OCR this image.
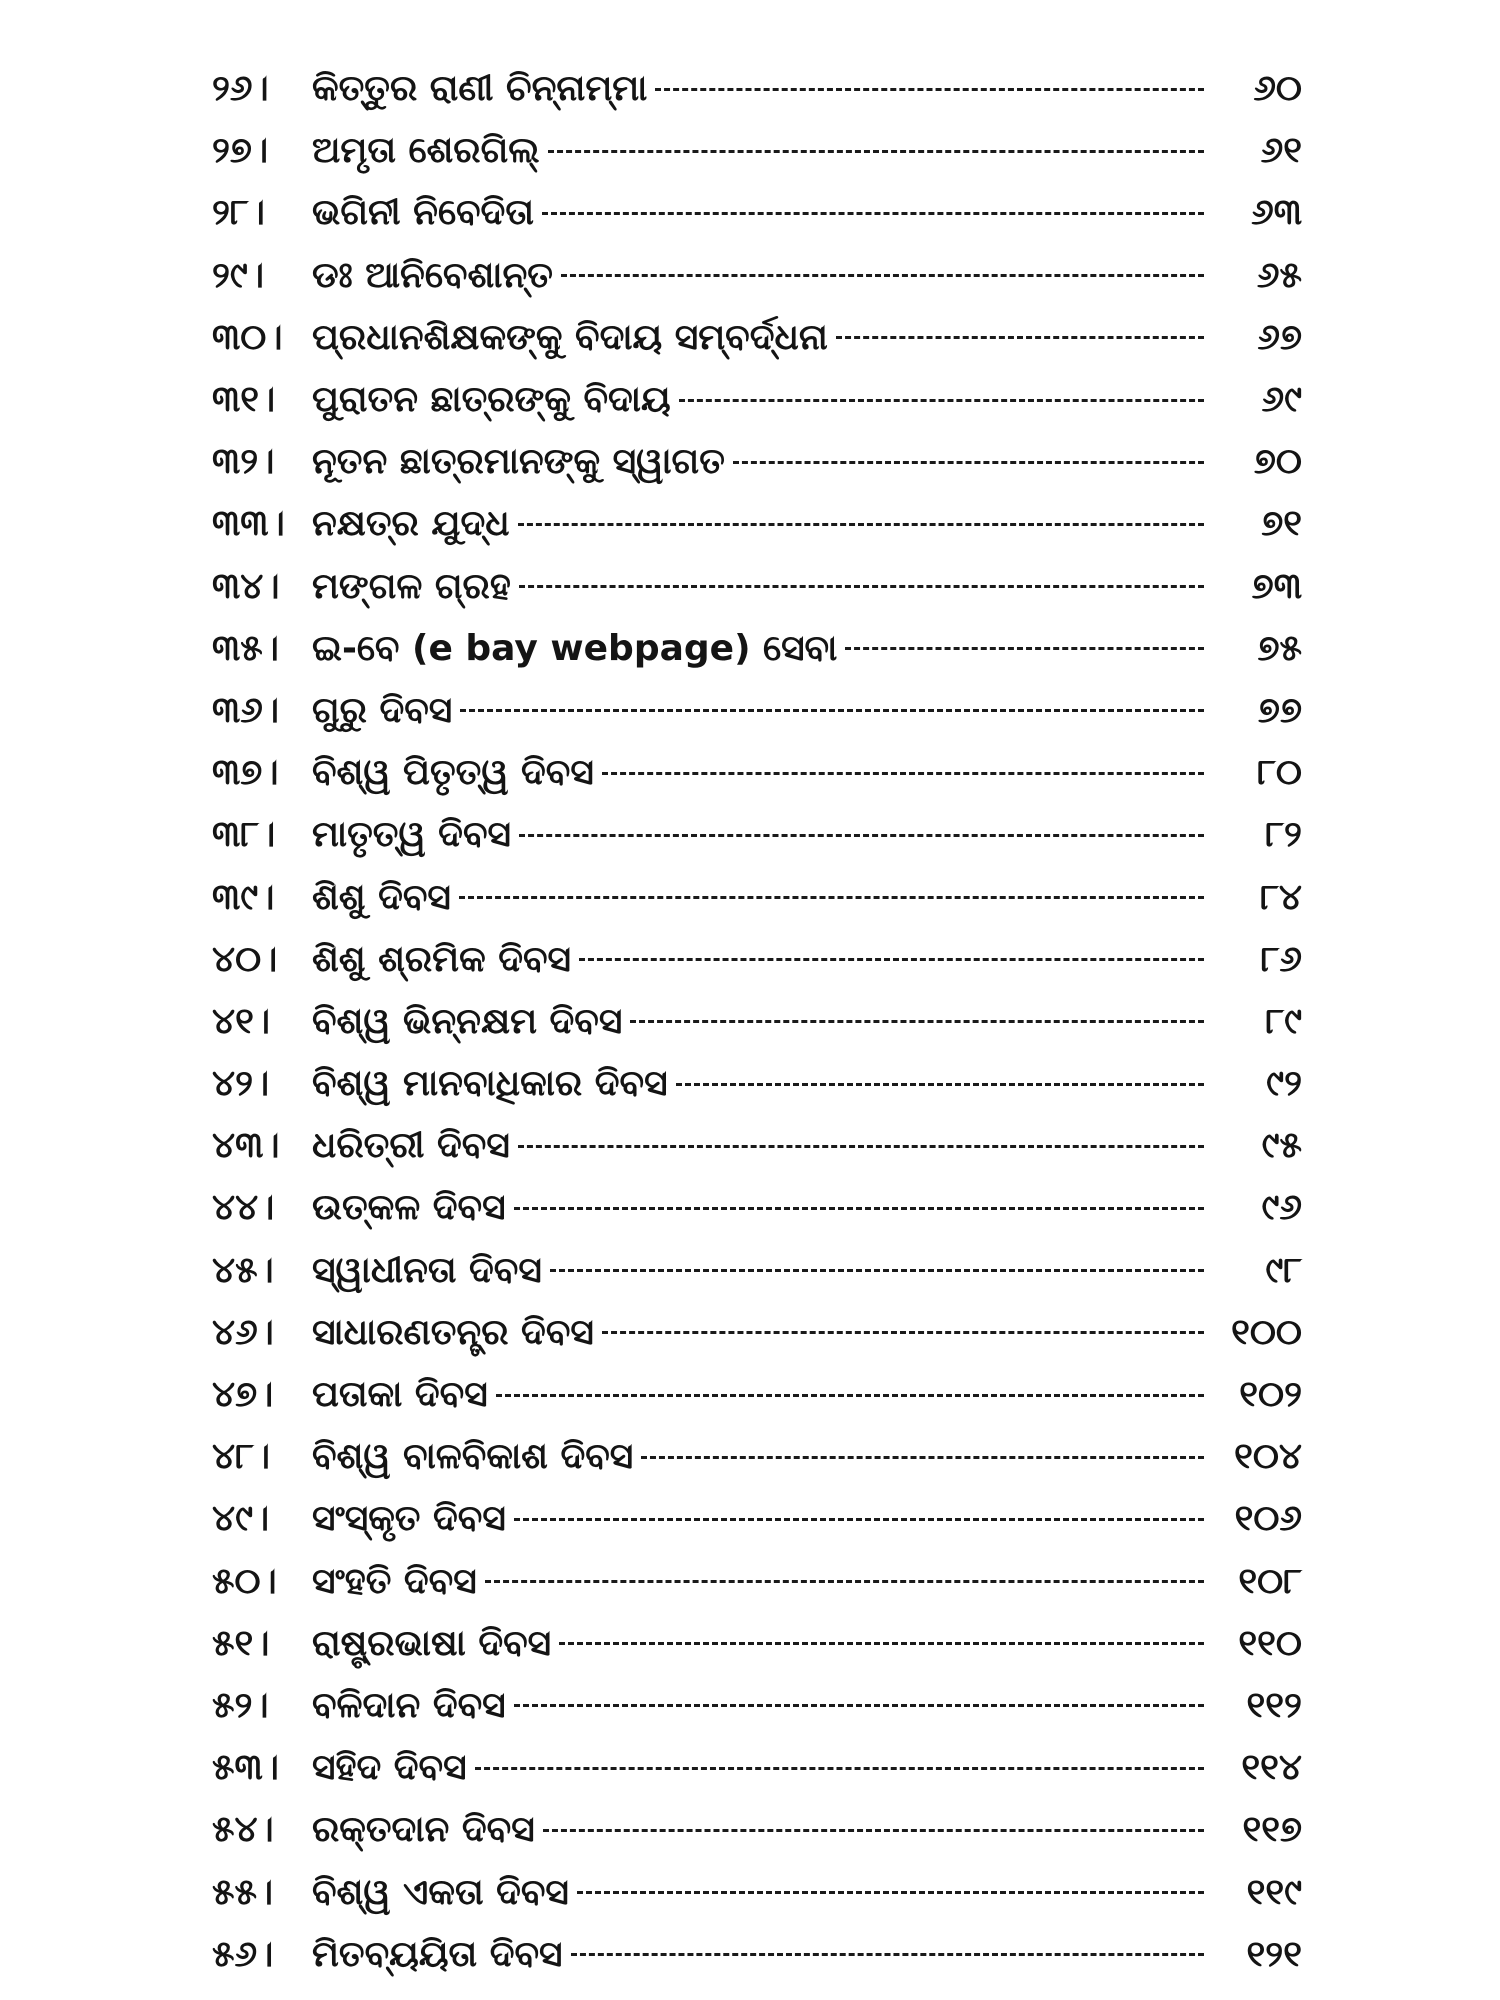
୨୬।	କିତ୍ତୁର ରାଣୀ ଚିନ୍ନାମ୍ମା	୬୦
୨୭।	ଅମୃତା ଶେରଗିଲ୍	୬୧
୨୮।	ଭଗିନୀ ନିବେଦିତା	୬୩
୨୯।	ଡଃ ଆନିବେଶାନ୍ତ	୬୫
୩୦। ପ୍ରଧାନଶିକ୍ଷକଙ୍କୁ ବିଦାୟ ସମ୍ବର୍ଦ୍ଧନା	୬୭
୩୧।	ପୁରାତନ ଛାତ୍ରଙ୍କୁ ବିଦାୟ	୬୯
୩୨।	ନୂତନ ଛାତ୍ରମାନଙ୍କୁ ସ୍ୱାଗତ	୭୦
୩୩। ନକ୍ଷତ୍ର ଯୁଦ୍ଧ	୭୧
୩୪। ମଙ୍ଗଳ ଗ୍ରହ	୭୩
୩୫। ଇ-ବେ (e bay webpage) ସେବା	୭୫
୩୬। ଗୁରୁ ଦିବସ	୭୭
୩୭। ବିଶ୍ୱ ପିତୃତ୍ୱ ଦିବସ	୮୦
୩୮।	ମାତୃତ୍ୱ ଦିବସ	୮୨
୩୯।	ଶିଶୁ ଦିବସ	୮୪
୪୦। ଶିଶୁ ଶ୍ରମିକ ଦିବସ	୮୬
୪୧।	ବିଶ୍ୱ ଭିନ୍ନକ୍ଷମ ଦିବସ	୮୯
୪୨।	ବିଶ୍ୱ ମାନବାଧିକାର ଦିବସ	୯୨
୪୩। ଧରିତ୍ରୀ ଦିବସ	୯୫
୪୪।	ଉତ୍କଳ ଦିବସ	୯୬
୪୫।	ସ୍ୱାଧୀନତା ଦିବସ	୯୮
୪୬।	ସାଧାରଣତନ୍ତ୍ର ଦିବସ	୧୦୦
୪୭।	ପତାକା ଦିବସ	୧୦୨
୪୮।	ବିଶ୍ୱ ବାଳବିକାଶ ଦିବସ	୧୦୪
୪୯।	ସଂସ୍କୃତ ଦିବସ	୧୦୬
୫୦। ସଂହତି ଦିବସ	୧୦୮
୫୧।	ରାଷ୍ଟ୍ରଭାଷା ଦିବସ	୧୧୦
୫୨।	ବଳିଦାନ ଦିବସ	୧୧୨
୫୩। ସହିଦ ଦିବସ	୧୧୪
୫୪।	ରକ୍ତଦାନ ଦିବସ	୧୧୭
୫୫।	ବିଶ୍ୱ ଏକତା ଦିବସ	୧୧୯
୫୬।	ମିତବ୍ୟୟିତା ଦିବସ	୧୨୧
